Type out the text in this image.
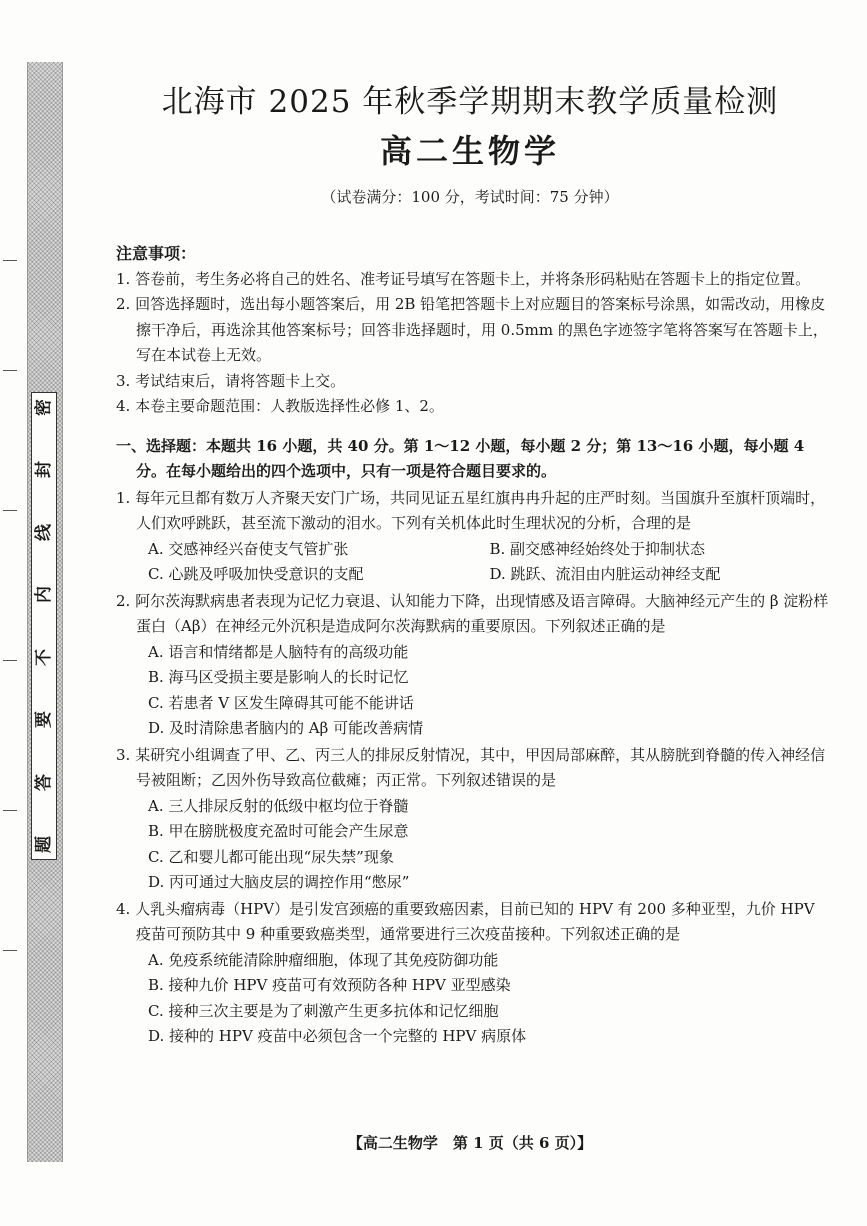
密
封
线
内
不
要
答
题
北海市 2025 年秋季学期期末教学质量检测
高二生物学
（试卷满分：100 分，考试时间：75 分钟）
注意事项：
1. 答卷前，考生务必将自己的姓名、准考证号填写在答题卡上，并将条形码粘贴在答题卡上的指定位置。
2. 回答选择题时，选出每小题答案后，用 2B 铅笔把答题卡上对应题目的答案标号涂黑，如需改动，用橡皮擦干净后，再选涂其他答案标号；回答非选择题时，用 0.5mm 的黑色字迹签字笔将答案写在答题卡上，写在本试卷上无效。
3. 考试结束后，请将答题卡上交。
4. 本卷主要命题范围：人教版选择性必修 1、2。
一、选择题：本题共 16 小题，共 40 分。第 1～12 小题，每小题 2 分；第 13～16 小题，每小题 4 分。在每小题给出的四个选项中，只有一项是符合题目要求的。
1. 每年元旦都有数万人齐聚天安门广场，共同见证五星红旗冉冉升起的庄严时刻。当国旗升至旗杆顶端时，人们欢呼跳跃，甚至流下激动的泪水。下列有关机体此时生理状况的分析，合理的是
A. 交感神经兴奋使支气管扩张	B. 副交感神经始终处于抑制状态
C. 心跳及呼吸加快受意识的支配	D. 跳跃、流泪由内脏运动神经支配
2. 阿尔茨海默病患者表现为记忆力衰退、认知能力下降，出现情感及语言障碍。大脑神经元产生的 β 淀粉样蛋白（Aβ）在神经元外沉积是造成阿尔茨海默病的重要原因。下列叙述正确的是
A. 语言和情绪都是人脑特有的高级功能
B. 海马区受损主要是影响人的长时记忆
C. 若患者 V 区发生障碍其可能不能讲话
D. 及时清除患者脑内的 Aβ 可能改善病情
3. 某研究小组调查了甲、乙、丙三人的排尿反射情况，其中，甲因局部麻醉，其从膀胱到脊髓的传入神经信号被阻断；乙因外伤导致高位截瘫；丙正常。下列叙述错误的是
A. 三人排尿反射的低级中枢均位于脊髓
B. 甲在膀胱极度充盈时可能会产生尿意
C. 乙和婴儿都可能出现“尿失禁”现象
D. 丙可通过大脑皮层的调控作用“憋尿”
4. 人乳头瘤病毒（HPV）是引发宫颈癌的重要致癌因素，目前已知的 HPV 有 200 多种亚型，九价 HPV 疫苗可预防其中 9 种重要致癌类型，通常要进行三次疫苗接种。下列叙述正确的是
A. 免疫系统能清除肿瘤细胞，体现了其免疫防御功能
B. 接种九价 HPV 疫苗可有效预防各种 HPV 亚型感染
C. 接种三次主要是为了刺激产生更多抗体和记忆细胞
D. 接种的 HPV 疫苗中必须包含一个完整的 HPV 病原体
【高二生物学　第 1 页（共 6 页）】
